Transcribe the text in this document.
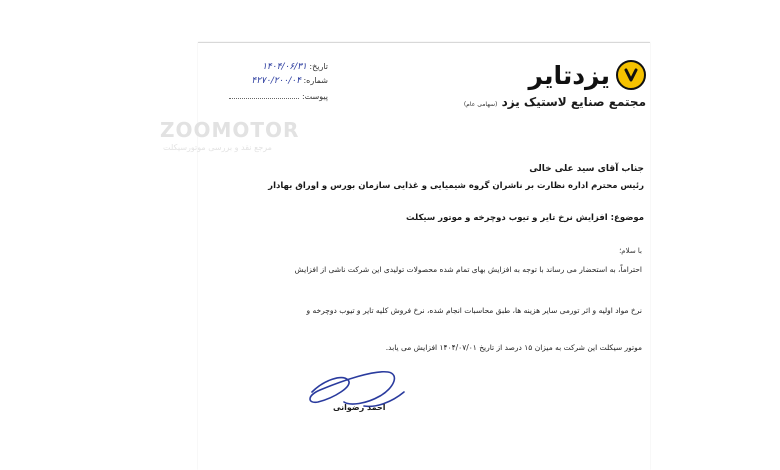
تاریخ: ۱۴۰۴/۰۶/۳۱
شماره: ۴۲۷۰/۲۰۰/۰۴
پیوست:
یزدتایر
مجتمع صنایع لاستیک یزد (سهامی عام)
ZOOMOTOR
مرجع نقد و بررسی موتورسیکلت
جناب آقای سید علی خالی
رئیس محترم اداره نظارت بر ناشران گروه شیمیایی و غذایی سازمان بورس و اوراق بهادار
موضوع: افزایش نرخ تایر و تیوب دوچرخه و موتور سیکلت
با سلام؛
احتراماً، به استحضار می رساند با توجه به افزایش بهای تمام شده محصولات تولیدی این شرکت ناشی از افزایش
نرخ مواد اولیه و اثر تورمی سایر هزینه ها، طبق محاسبات انجام شده، نرخ فروش کلیه تایر و تیوب دوچرخه و
موتور سیکلت این شرکت به میزان ۱۵ درصد از تاریخ ۱۴۰۴/۰۷/۰۱ افزایش می یابد.
احمد رضوانی
